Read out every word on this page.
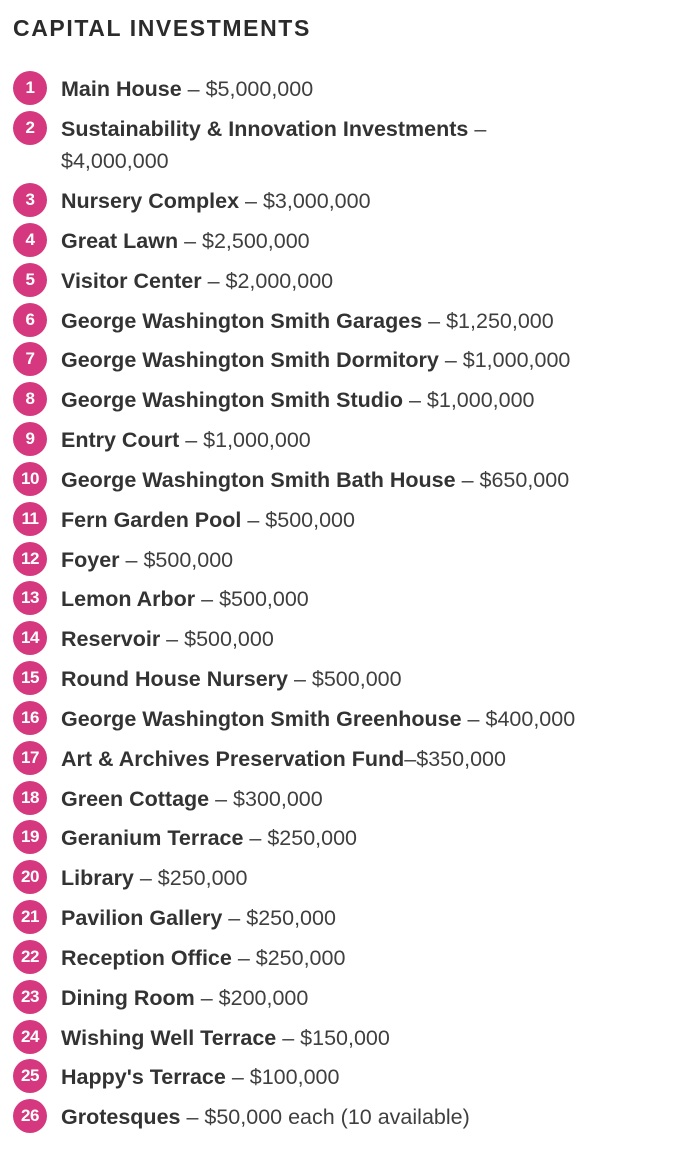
CAPITAL INVESTMENTS
1	Main House – $5,000,000
2	Sustainability & Innovation Investments – $4,000,000
3	Nursery Complex – $3,000,000
4	Great Lawn – $2,500,000
5	Visitor Center – $2,000,000
6	George Washington Smith Garages – $1,250,000
7	George Washington Smith Dormitory – $1,000,000
8	George Washington Smith Studio – $1,000,000
9	Entry Court – $1,000,000
10	George Washington Smith Bath House – $650,000
11	Fern Garden Pool – $500,000
12	Foyer – $500,000
13	Lemon Arbor – $500,000
14	Reservoir – $500,000
15	Round House Nursery – $500,000
16	George Washington Smith Greenhouse – $400,000
17	Art & Archives Preservation Fund–$350,000
18	Green Cottage – $300,000
19	Geranium Terrace – $250,000
20	Library – $250,000
21	Pavilion Gallery – $250,000
22	Reception Office – $250,000
23	Dining Room – $200,000
24	Wishing Well Terrace – $150,000
25	Happy's Terrace – $100,000
26	Grotesques – $50,000 each (10 available)
